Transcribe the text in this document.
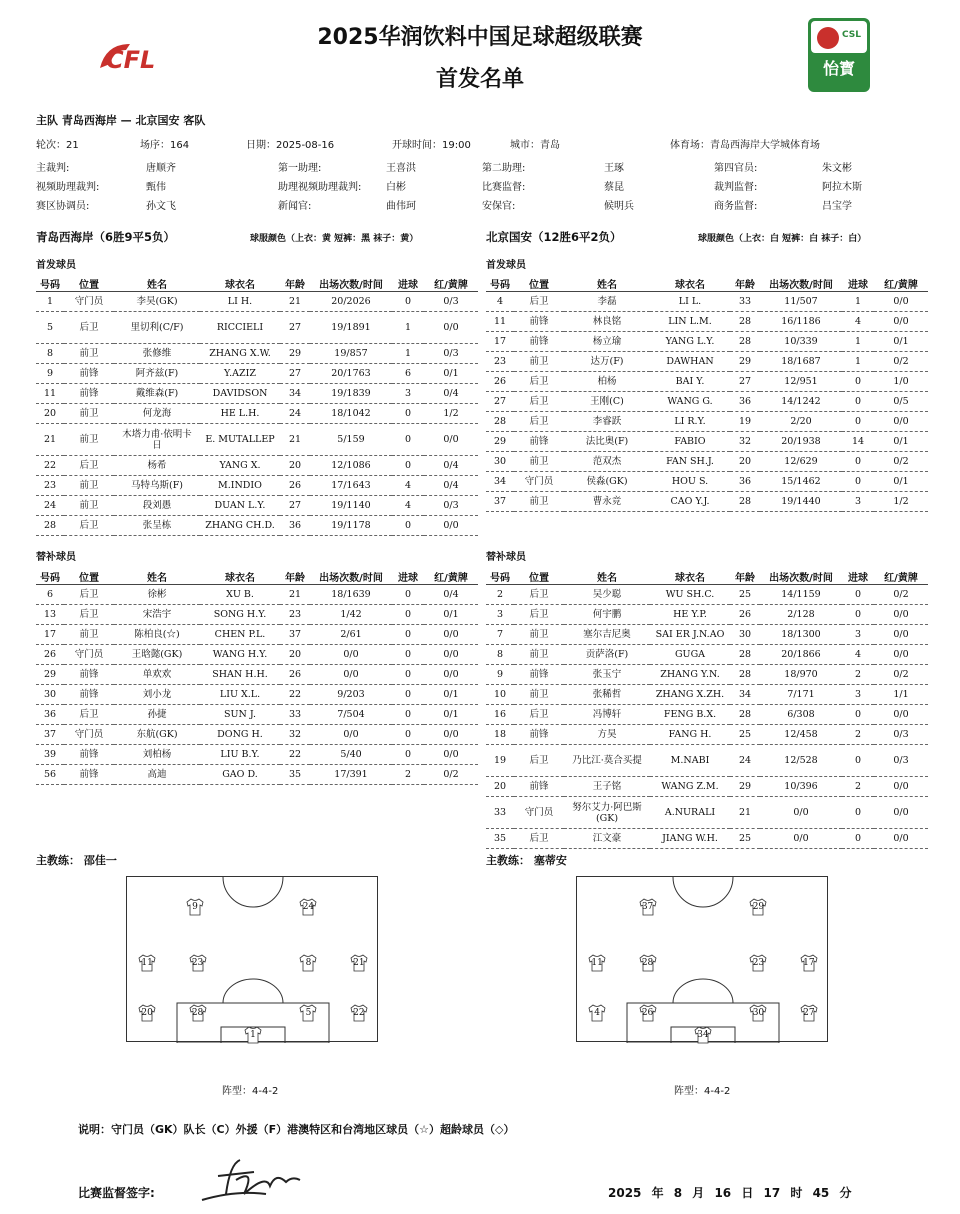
CFL
CSL
怡寳
2025华润饮料中国足球超级联赛
首发名单
主队 青岛西海岸 — 北京国安 客队
轮次：21	场序：164	日期：2025-08-16	开球时间：19:00	城市：青岛	体育场：青岛西海岸大学城体育场
主裁判:	唐顺齐	第一助理:	王喜洪	第二助理:	王琢	第四官员:	朱文彬
视频助理裁判:	甄伟	助理视频助理裁判: 白彬	比赛监督:	蔡昆	裁判监督:	阿拉木斯
赛区协调员:	孙文飞	新闻官:	曲伟珂	安保官:	候明兵	商务监督:	吕宝学
青岛西海岸（6胜9平5负）	球服颜色（上衣：黄 短裤：黑 袜子：黄）	北京国安（12胜6平2负）	球服颜色（上衣：白 短裤：白 袜子：白）
首发球员	首发球员
替补球员	替补球员
号码	位置	姓名	球衣名	年龄	出场次数/时间	进球	红/黄牌
1	守门员	李昊(GK)	LI H.	21	20/2026	0	0/3
5	后卫	里切利(C/F)	RICCIELI	27	19/1891	1	0/0
8	前卫	张修维	ZHANG X.W.	29	19/857	1	0/3
9	前锋	阿齐兹(F)	Y.AZIZ	27	20/1763	6	0/1
11	前锋	戴维森(F)	DAVIDSON	34	19/1839	3	0/4
20	前卫	何龙海	HE L.H.	24	18/1042	0	1/2
21	前卫	木塔力甫·依明卡日	E. MUTALLEP	21	5/159	0	0/0
22	后卫	杨希	YANG X.	20	12/1086	0	0/4
23	前卫	马特乌斯(F)	M.INDIO	26	17/1643	4	0/4
24	前卫	段刘愚	DUAN L.Y.	27	19/1140	4	0/3
28	后卫	张呈栋	ZHANG CH.D.	36	19/1178	0	0/0
号码	位置	姓名	球衣名	年龄	出场次数/时间	进球	红/黄牌
4	后卫	李磊	LI L.	33	11/507	1	0/0
11	前锋	林良铭	LIN L.M.	28	16/1186	4	0/0
17	前锋	杨立瑜	YANG L.Y.	28	10/339	1	0/1
23	前卫	达万(F)	DAWHAN	29	18/1687	1	0/2
26	后卫	柏杨	BAI Y.	27	12/951	0	1/0
27	后卫	王刚(C)	WANG G.	36	14/1242	0	0/5
28	后卫	李睿跃	LI R.Y.	19	2/20	0	0/0
29	前锋	法比奥(F)	FABIO	32	20/1938	14	0/1
30	前卫	范双杰	FAN SH.J.	20	12/629	0	0/2
34	守门员	侯淼(GK)	HOU S.	36	15/1462	0	0/1
37	前卫	曹永竞	CAO Y.J.	28	19/1440	3	1/2
号码	位置	姓名	球衣名	年龄	出场次数/时间	进球	红/黄牌
6	后卫	徐彬	XU B.	21	18/1639	0	0/4
13	后卫	宋浩宇	SONG H.Y.	23	1/42	0	0/1
17	前卫	陈柏良(☆)	CHEN P.L.	37	2/61	0	0/0
26	守门员	王晗懿(GK)	WANG H.Y.	20	0/0	0	0/0
29	前锋	单欢欢	SHAN H.H.	26	0/0	0	0/0
30	前锋	刘小龙	LIU X.L.	22	9/203	0	0/1
36	后卫	孙捷	SUN J.	33	7/504	0	0/1
37	守门员	东航(GK)	DONG H.	32	0/0	0	0/0
39	前锋	刘柏杨	LIU B.Y.	22	5/40	0	0/0
56	前锋	高迪	GAO D.	35	17/391	2	0/2
号码	位置	姓名	球衣名	年龄	出场次数/时间	进球	红/黄牌
2	后卫	吴少聪	WU SH.C.	25	14/1159	0	0/2
3	后卫	何宇鹏	HE Y.P.	26	2/128	0	0/0
7	前卫	塞尔吉尼奥	SAI ER J.N.AO	30	18/1300	3	0/0
8	前卫	贡萨洛(F)	GUGA	28	20/1866	4	0/0
9	前锋	张玉宁	ZHANG Y.N.	28	18/970	2	0/2
10	前卫	张稀哲	ZHANG X.ZH.	34	7/171	3	1/1
16	后卫	冯博轩	FENG B.X.	28	6/308	0	0/0
18	前锋	方昊	FANG H.	25	12/458	2	0/3
19	后卫	乃比江·莫合买提	M.NABI	24	12/528	0	0/3
20	前锋	王子铭	WANG Z.M.	29	10/396	2	0/0
33	守门员	努尔艾力·阿巴斯(GK)	A.NURALI	21	0/0	0	0/0
35	后卫	江文豪	JIANG W.H.	25	0/0	0	0/0
主教练： 邵佳一	主教练： 塞蒂安
9	24
11	23	8	21
20	28	5	22
1
37	29
11	28	23	17
4	26	30	27
34
阵型：4-4-2	阵型：4-4-2
说明：守门员（GK）队长（C）外援（F）港澳特区和台湾地区球员（☆）超龄球员（◇）
比赛监督签字:	2025 年 8 月 16 日 17 时 45 分
